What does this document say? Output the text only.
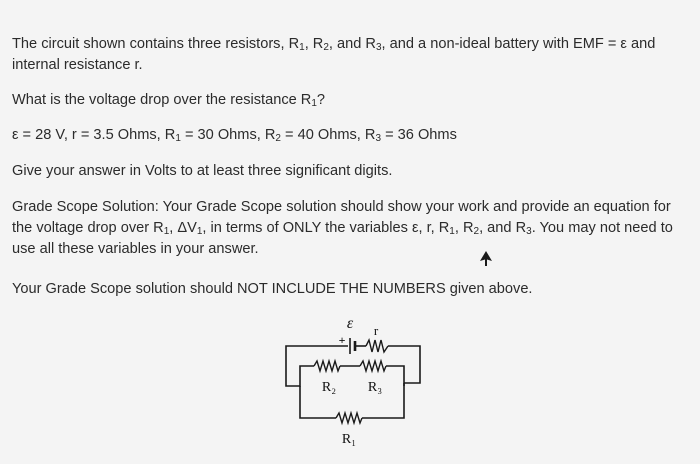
The circuit shown contains three resistors, $R_1$, $R_2$, and $R_3$, and a non-ideal battery with EMF = ε and
internal resistance r.

What is the voltage drop over the resistance $R_1$?

ε = 28 V, r = 3.5 Ohms, $R_1 = 30$ Ohms, $R_2 = 40$ Ohms, $R_3 = 36$ Ohms

Give your answer in Volts to at least three significant digits.

Grade Scope Solution: Your Grade Scope solution should show your work and provide an equation for the voltage drop over $R_1$, $\Delta V_1$, in terms of ONLY the variables ε, r, $R_1$, $R_2$, and $R_3$. You may not need to use all these variables in your answer.

Your Grade Scope solution should NOT INCLUDE THE NUMBERS given above.

ε
+
r
R₂ R₃
R₁
